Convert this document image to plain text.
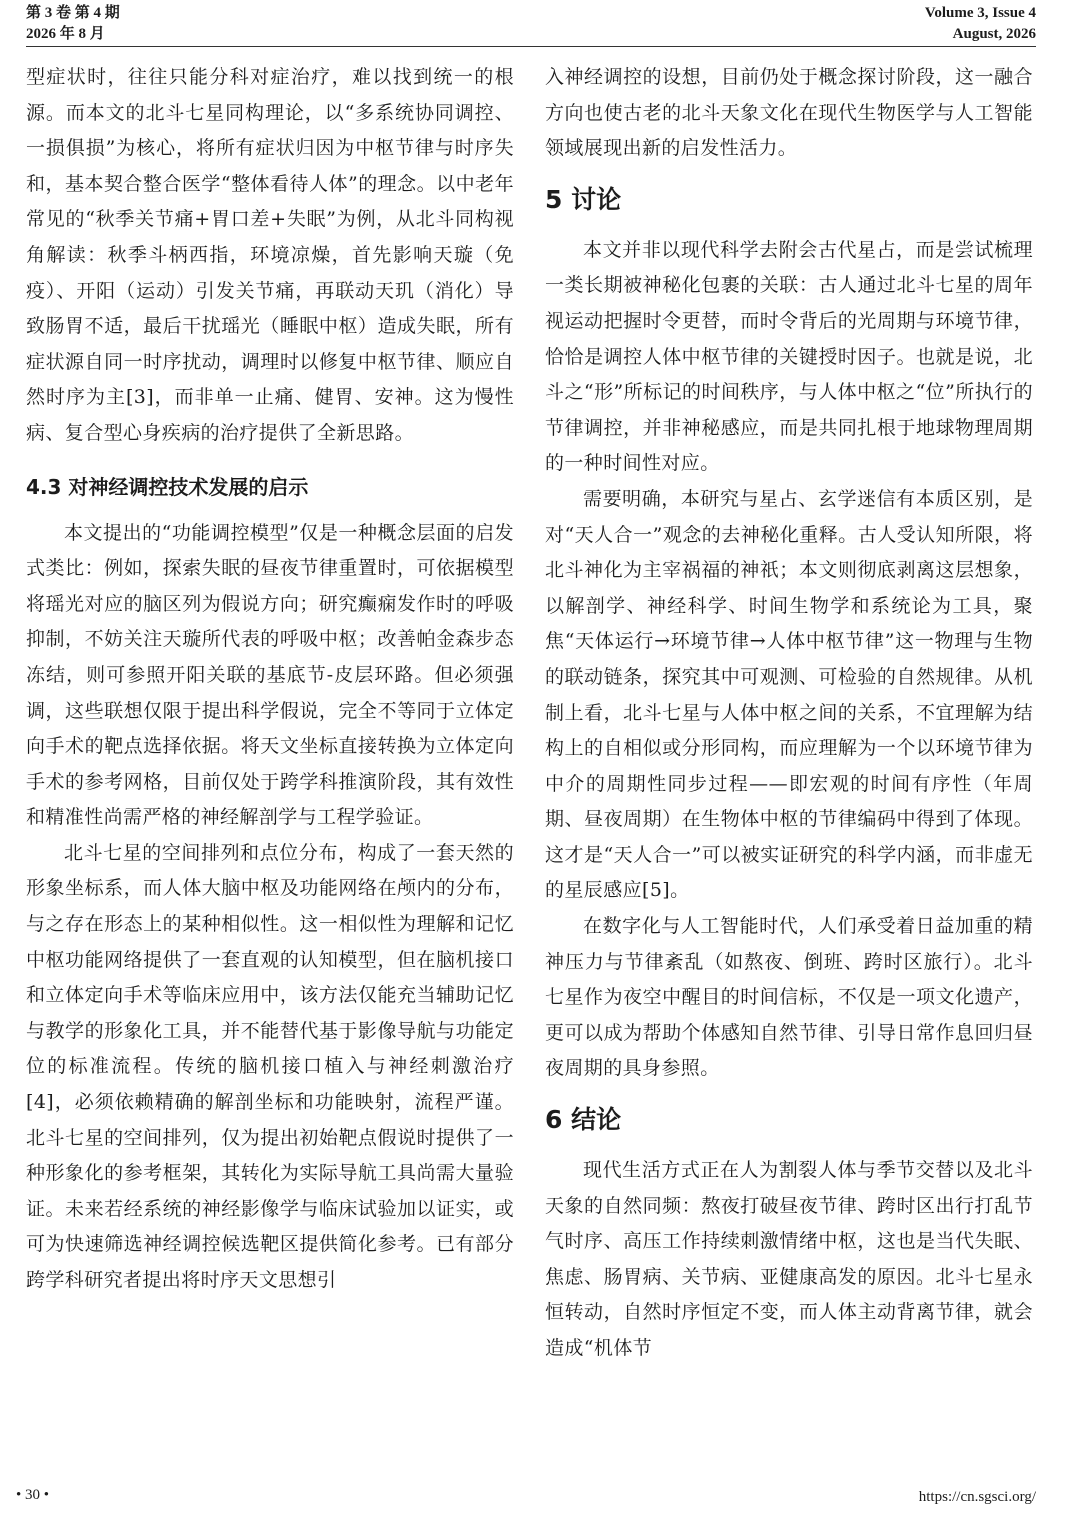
第 3 卷 第 4 期
2026 年 8 月
Volume 3, Issue 4
August, 2026

型症状时，往往只能分科对症治疗，难以找到统一的根源。而本文的北斗七星同构理论，以“多系统协同调控、一损俱损”为核心，将所有症状归因为中枢节律与时序失和，基本契合整合医学“整体看待人体”的理念。以中老年常见的“秋季关节痛+胃口差+失眠”为例，从北斗同构视角解读：秋季斗柄西指，环境凉燥，首先影响天璇（免疫）、开阳（运动）引发关节痛，再联动天玑（消化）导致肠胃不适，最后干扰瑶光（睡眠中枢）造成失眠，所有症状源自同一时序扰动，调理时以修复中枢节律、顺应自然时序为主[3]，而非单一止痛、健胃、安神。这为慢性病、复合型心身疾病的治疗提供了全新思路。

4.3 对神经调控技术发展的启示

本文提出的“功能调控模型”仅是一种概念层面的启发式类比：例如，探索失眠的昼夜节律重置时，可依据模型将瑶光对应的脑区列为假说方向；研究癫痫发作时的呼吸抑制，不妨关注天璇所代表的呼吸中枢；改善帕金森步态冻结，则可参照开阳关联的基底节-皮层环路。但必须强调，这些联想仅限于提出科学假说，完全不等同于立体定向手术的靶点选择依据。将天文坐标直接转换为立体定向手术的参考网格，目前仅处于跨学科推演阶段，其有效性和精准性尚需严格的神经解剖学与工程学验证。

北斗七星的空间排列和点位分布，构成了一套天然的形象坐标系，而人体大脑中枢及功能网络在颅内的分布，与之存在形态上的某种相似性。这一相似性为理解和记忆中枢功能网络提供了一套直观的认知模型，但在脑机接口和立体定向手术等临床应用中，该方法仅能充当辅助记忆与教学的形象化工具，并不能替代基于影像导航与功能定位的标准流程。传统的脑机接口植入与神经刺激治疗[4]，必须依赖精确的解剖坐标和功能映射，流程严谨。北斗七星的空间排列，仅为提出初始靶点假说时提供了一种形象化的参考框架，其转化为实际导航工具尚需大量验证。未来若经系统的神经影像学与临床试验加以证实，或可为快速筛选神经调控候选靶区提供简化参考。已有部分跨学科研究者提出将时序天文思想引

入神经调控的设想，目前仍处于概念探讨阶段，这一融合方向也使古老的北斗天象文化在现代生物医学与人工智能领域展现出新的启发性活力。

5 讨论

本文并非以现代科学去附会古代星占，而是尝试梳理一类长期被神秘化包裹的关联：古人通过北斗七星的周年视运动把握时令更替，而时令背后的光周期与环境节律，恰恰是调控人体中枢节律的关键授时因子。也就是说，北斗之“形”所标记的时间秩序，与人体中枢之“位”所执行的节律调控，并非神秘感应，而是共同扎根于地球物理周期的一种时间性对应。

需要明确，本研究与星占、玄学迷信有本质区别，是对“天人合一”观念的去神秘化重释。古人受认知所限，将北斗神化为主宰祸福的神祇；本文则彻底剥离这层想象，以解剖学、神经科学、时间生物学和系统论为工具，聚焦“天体运行→环境节律→人体中枢节律”这一物理与生物的联动链条，探究其中可观测、可检验的自然规律。从机制上看，北斗七星与人体中枢之间的关系，不宜理解为结构上的自相似或分形同构，而应理解为一个以环境节律为中介的周期性同步过程——即宏观的时间有序性（年周期、昼夜周期）在生物体中枢的节律编码中得到了体现。这才是“天人合一”可以被实证研究的科学内涵，而非虚无的星辰感应[5]。

在数字化与人工智能时代，人们承受着日益加重的精神压力与节律紊乱（如熬夜、倒班、跨时区旅行）。北斗七星作为夜空中醒目的时间信标，不仅是一项文化遗产，更可以成为帮助个体感知自然节律、引导日常作息回归昼夜周期的具身参照。

6 结论

现代生活方式正在人为割裂人体与季节交替以及北斗天象的自然同频：熬夜打破昼夜节律、跨时区出行打乱节气时序、高压工作持续刺激情绪中枢，这也是当代失眠、焦虑、肠胃病、关节病、亚健康高发的原因。北斗七星永恒转动，自然时序恒定不变，而人体主动背离节律，就会造成“机体节

• 30 •	https://cn.sgsci.org/
